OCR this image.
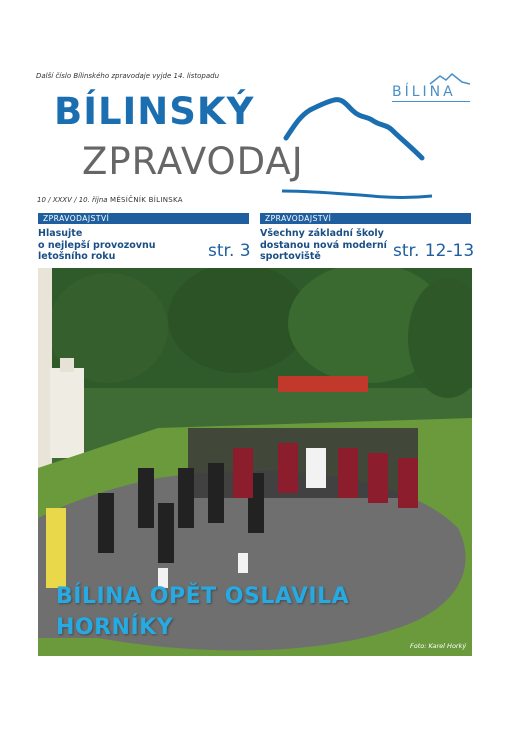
Další číslo Bílinského zpravodaje vyjde 14. listopadu
BÍLINSKÝ
ZPRAVODAJ
BÍLINA
10 / XXXV / 10. října MĚSÍČNÍK BÍLINSKA
ZPRAVODAJSTVÍ
Hlasujte
o nejlepší provozovnu
letošního roku	str. 3
ZPRAVODAJSTVÍ
Všechny základní školy
dostanou nová moderní
sportoviště	str. 12-13
BÍLINA OPĚT OSLAVILA
HORNÍKY
Foto: Karel Horký
